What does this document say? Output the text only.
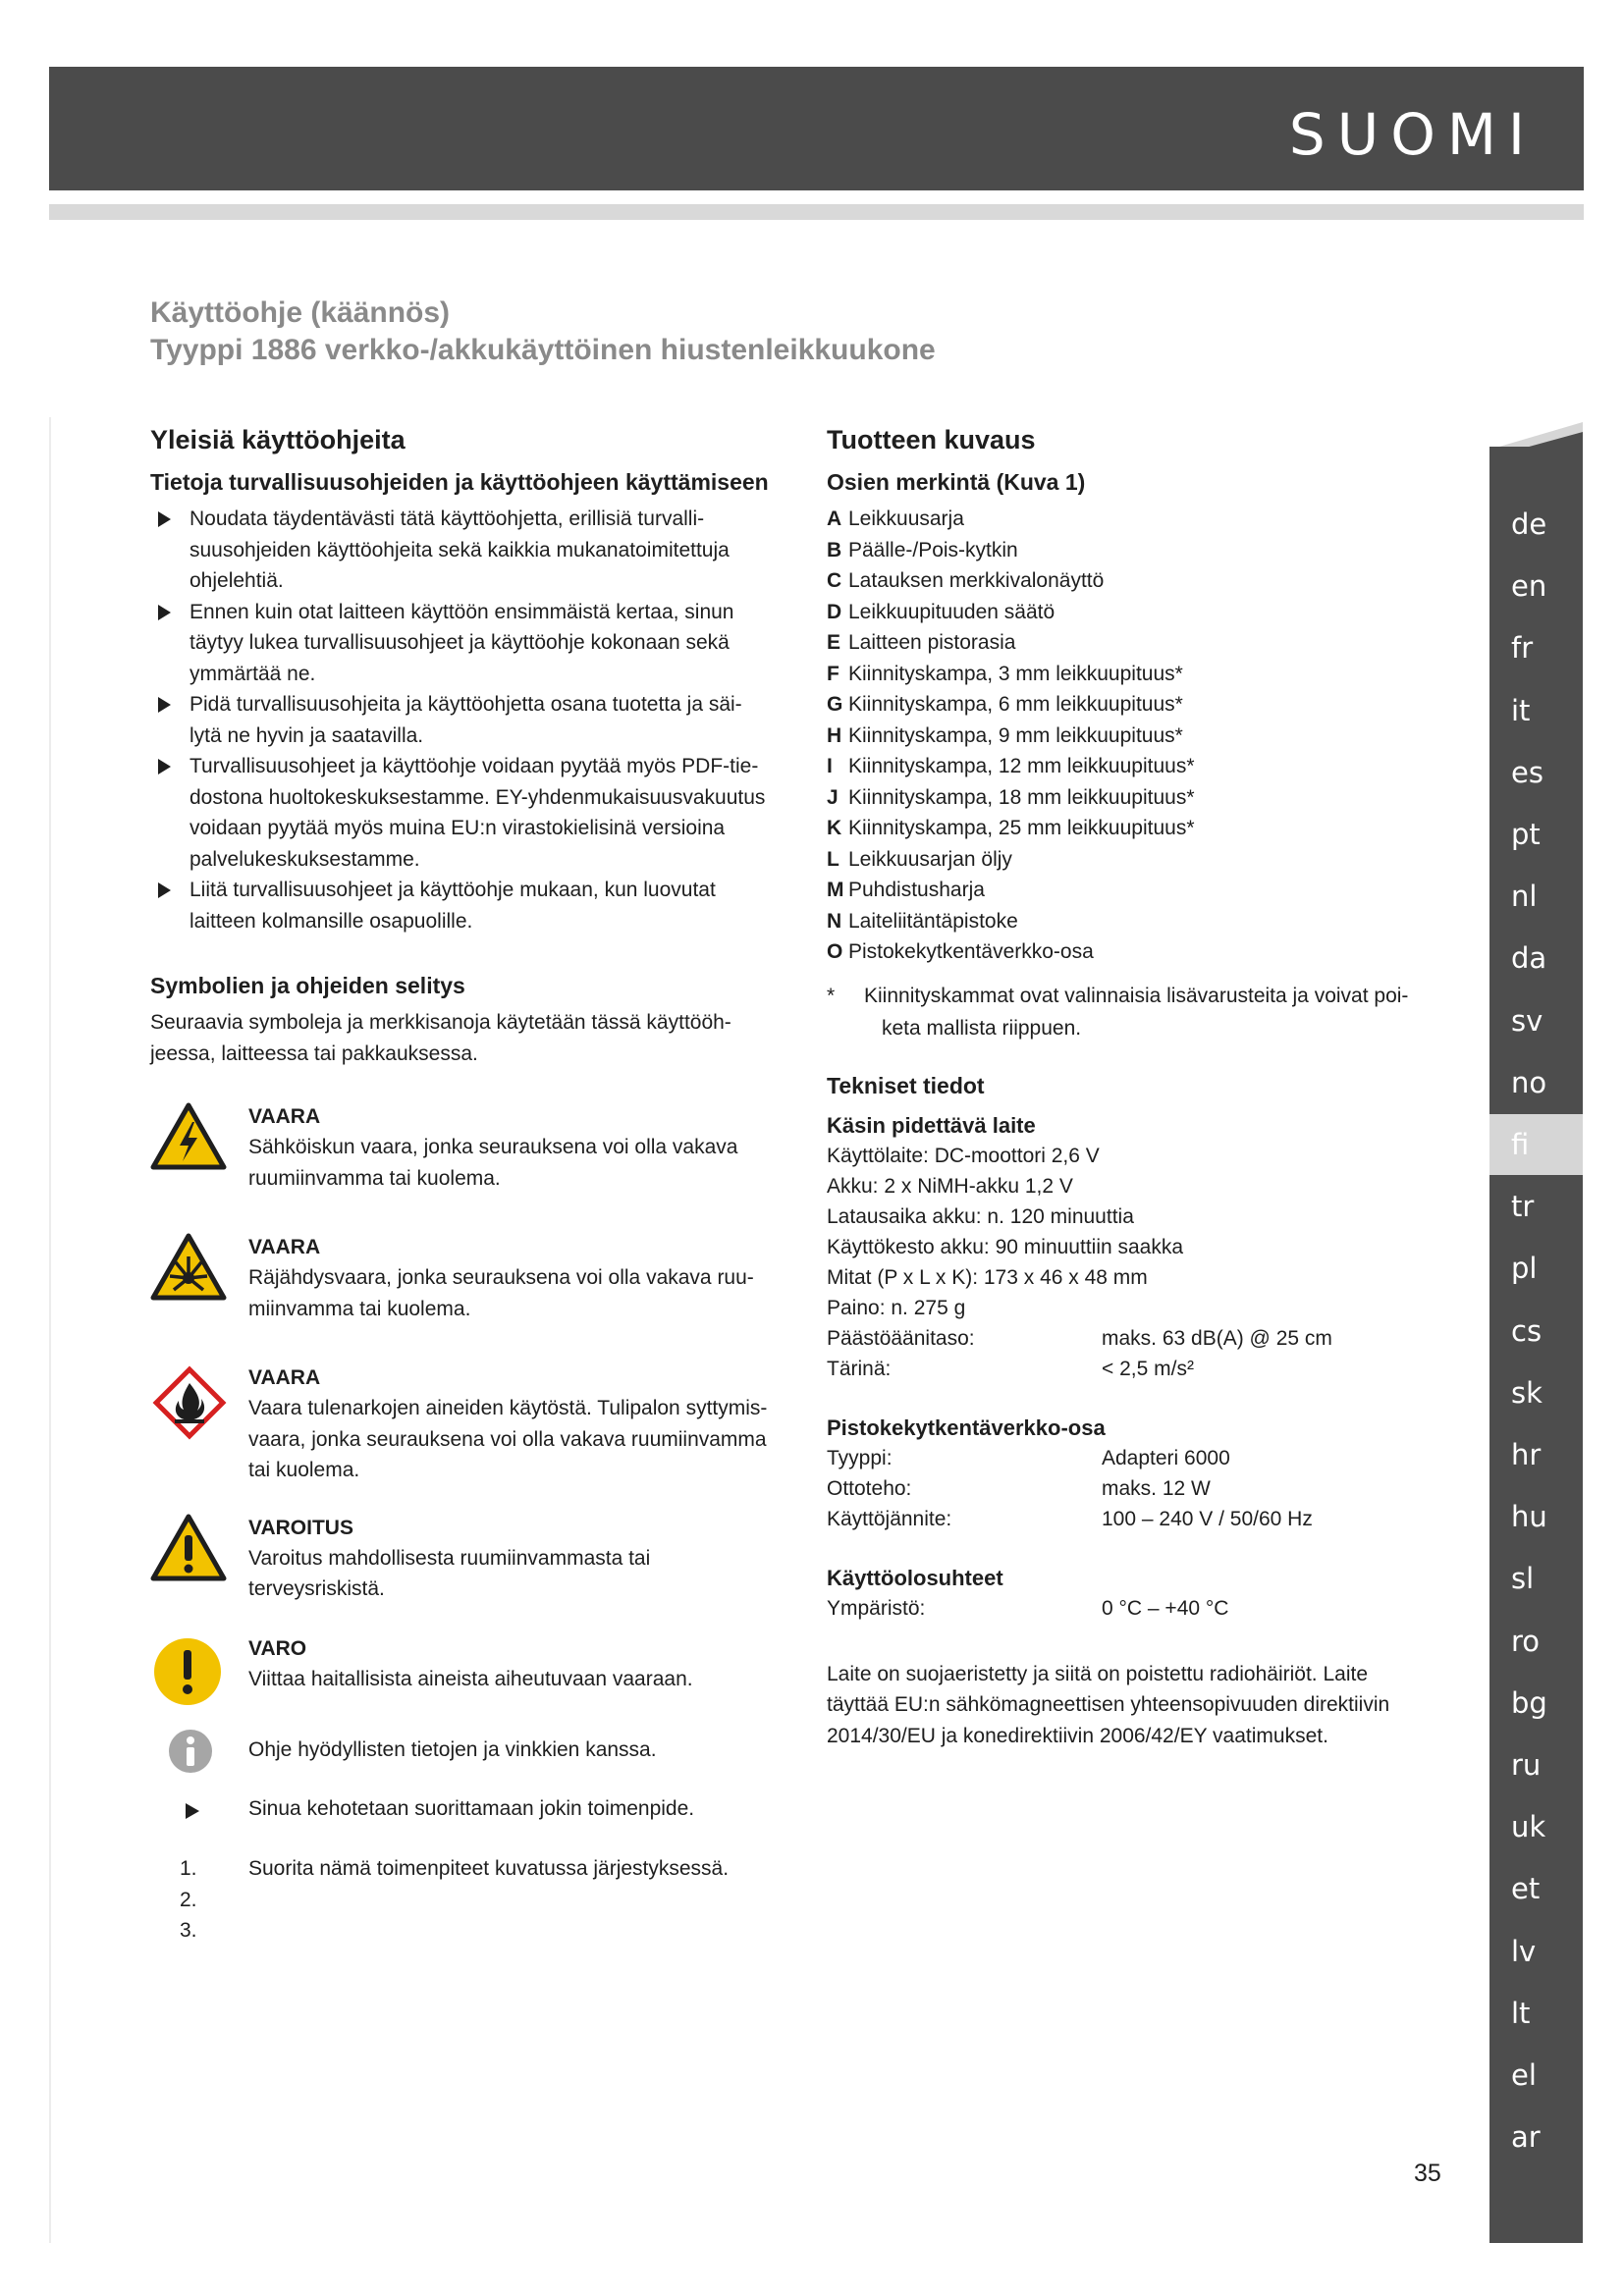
SUOMI
Käyttöohje (käännös)
Tyyppi 1886 verkko-/akkukäyttöinen hiustenleikkuukone
Yleisiä käyttöohjeita
Tietoja turvallisuusohjeiden ja käyttöohjeen käyttämiseen
Noudata täydentävästi tätä käyttöohjetta, erillisiä turvalli-
suusohjeiden käyttöohjeita sekä kaikkia mukanatoimitettuja
ohjelehtiä.
Ennen kuin otat laitteen käyttöön ensimmäistä kertaa, sinun
täytyy lukea turvallisuusohjeet ja käyttöohje kokonaan sekä
ymmärtää ne.
Pidä turvallisuusohjeita ja käyttöohjetta osana tuotetta ja säi-
lytä ne hyvin ja saatavilla.
Turvallisuusohjeet ja käyttöohje voidaan pyytää myös PDF-tie-
dostona huoltokeskuksestamme. EY-yhdenmukaisuusvakuutus
voidaan pyytää myös muina EU:n virastokielisinä versioina
palvelukeskuksestamme.
Liitä turvallisuusohjeet ja käyttöohje mukaan, kun luovutat
laitteen kolmansille osapuolille.
Symbolien ja ohjeiden selitys

Seuraavia symboleja ja merkkisanoja käytetään tässä käyttööh-

jeessa, laitteessa tai pakkauksessa.

VAARA
Sähköiskun vaara, jonka seurauksena voi olla vakava
ruumiinvamma tai kuolema.
VAARA
Räjähdysvaara, jonka seurauksena voi olla vakava ruu-
miinvamma tai kuolema.
VAARA
Vaara tulenarkojen aineiden käytöstä. Tulipalon syttymis-
vaara, jonka seurauksena voi olla vakava ruumiinvamma
tai kuolema.
VAROITUS
Varoitus mahdollisesta ruumiinvammasta tai
terveysriskistä.
VARO
Viittaa haitallisista aineista aiheutuvaan vaaraan.
Ohje hyödyllisten tietojen ja vinkkien kanssa.
Sinua kehotetaan suorittamaan jokin toimenpide.
1.
2.
3.
Suorita nämä toimenpiteet kuvatussa järjestyksessä.
Tuotteen kuvaus
Osien merkintä (Kuva 1)
A Leikkuusarja
B Päälle-/Pois-kytkin
C Latauksen merkkivalonäyttö
D Leikkuupituuden säätö
E Laitteen pistorasia
F Kiinnityskampa, 3 mm leikkuupituus*
G Kiinnityskampa, 6 mm leikkuupituus*
H Kiinnityskampa, 9 mm leikkuupituus*
I Kiinnityskampa, 12 mm leikkuupituus*
J Kiinnityskampa, 18 mm leikkuupituus*
K Kiinnityskampa, 25 mm leikkuupituus*
L Leikkuusarjan öljy
M Puhdistusharja
N Laiteliitäntäpistoke
O Pistokekytkentäverkko-osa
* Kiinnityskammat ovat valinnaisia lisävarusteita ja voivat poi-
keta mallista riippuen.
Tekniset tiedot
Käsin pidettävä laite
Käyttölaite: DC-moottori 2,6 V
Akku: 2 x NiMH-akku 1,2 V
Latausaika akku: n. 120 minuuttia
Käyttökesto akku: 90 minuuttiin saakka
Mitat (P x L x K): 173 x 46 x 48 mm
Paino: n. 275 g
Päästöäänitaso:	maks. 63 dB(A) @ 25 cm
Tärinä:	< 2,5 m/s²
Pistokekytkentäverkko-osa
Tyyppi:	Adapteri 6000
Ottoteho:	maks. 12 W
Käyttöjännite:	100 – 240 V / 50/60 Hz
Käyttöolosuhteet
Ympäristö:	0 °C – +40 °C

Laite on suojaeristetty ja siitä on poistettu radiohäiriöt. Laite

täyttää EU:n sähkömagneettisen yhteensopivuuden direktiivin

2014/30/EU ja konedirektiivin 2006/42/EY vaatimukset.

de
en
fr
it
es
pt
nl
da
sv
no
fi
tr
pl
cs
sk
hr
hu
sl
ro
bg
ru
uk
et
lv
lt
el
ar
35
